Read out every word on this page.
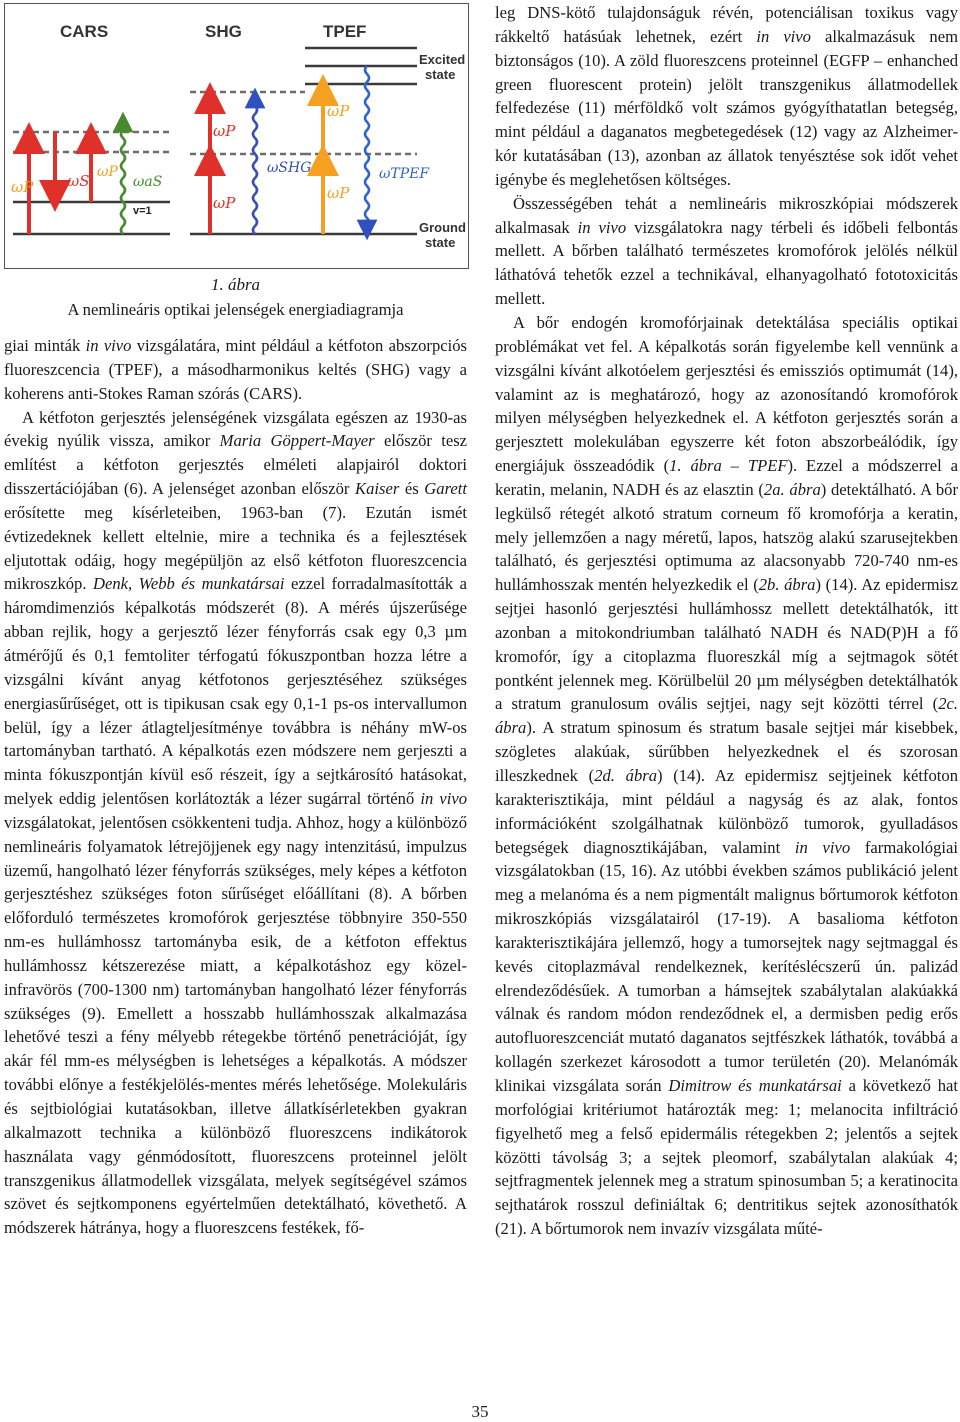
CARS	SHG	TPEF
ωP ωS ωP
ωaS
v=1
ωP
ωP
ωSHG
ωP
ωP
ωTPEF
Excited state
Ground state
1. ábra
A nemlineáris optikai jelenségek energiadiagramja

giai minták in vivo vizsgálatára, mint például a kétfoton abszorpciós fluoreszcencia (TPEF), a másodharmonikus keltés (SHG) vagy a koherens anti-Stokes Raman szórás (CARS).

A kétfoton gerjesztés jelenségének vizsgálata egészen az 1930-as évekig nyúlik vissza, amikor Maria Göppert-Mayer először tesz említést a kétfoton gerjesztés elméleti alapjairól doktori disszertációjában (6). A jelenséget azonban először Kaiser és Garett erősítette meg kísérleteiben, 1963-ban (7). Ezután ismét évtizedeknek kellett eltelnie, mire a technika és a fejlesztések eljutottak odáig, hogy megépüljön az első kétfoton fluoreszcencia mikroszkóp. Denk, Webb és munkatársai ezzel forradalmasították a háromdimenziós képalkotás módszerét (8). A mérés újszerűsége abban rejlik, hogy a gerjesztő lézer fényforrás csak egy 0,3 µm átmérőjű és 0,1 femtoliter térfogatú fókuszpontban hozza létre a vizsgálni kívánt anyag kétfotonos gerjesztéséhez szükséges energiasűrűséget, ott is tipikusan csak egy 0,1-1 ps-os intervallumon belül, így a lézer átlagteljesítménye továbbra is néhány mW-os tartományban tartható. A képalkotás ezen módszere nem gerjeszti a minta fókuszpontján kívül eső részeit, így a sejtkárosító hatásokat, melyek eddig jelentősen korlátozták a lézer sugárral történő in vivo vizsgálatokat, jelentősen csökkenteni tudja. Ahhoz, hogy a különböző nemlineáris folyamatok létrejöjjenek egy nagy intenzitású, impulzus üzemű, hangolható lézer fényforrás szükséges, mely képes a kétfoton gerjesztéshez szükséges foton sűrűséget előállítani (8). A bőrben előforduló természetes kromofórok gerjesztése többnyire 350-550 nm-es hullámhossz tartományba esik, de a kétfoton effektus hullámhossz kétszerezése miatt, a képalkotáshoz egy közel-infravörös (700-1300 nm) tartományban hangolható lézer fényforrás szükséges (9). Emellett a hosszabb hullámhosszak alkalmazása lehetővé teszi a fény mélyebb rétegekbe történő penetrációját, így akár fél mm-es mélységben is lehetséges a képalkotás. A módszer további előnye a festékjelölés-mentes mérés lehetősége. Molekuláris és sejtbiológiai kutatásokban, illetve állatkísérletekben gyakran alkalmazott technika a különböző fluoreszcens indikátorok használata vagy génmódosított, fluoreszcens proteinnel jelölt transzgenikus állatmodellek vizsgálata, melyek segítségével számos szövet és sejtkomponens egyértelműen detektálható, követhető. A módszerek hátránya, hogy a fluoreszcens festékek, fő-

leg DNS-kötő tulajdonságuk révén, potenciálisan toxikus vagy rákkeltő hatásúak lehetnek, ezért in vivo alkalmazásuk nem biztonságos (10). A zöld fluoreszcens proteinnel (EGFP – enhanched green fluorescent protein) jelölt transzgenikus állatmodellek felfedezése (11) mérföldkő volt számos gyógyíthatatlan betegség, mint például a daganatos megbetegedések (12) vagy az Alzheimer-kór kutatásában (13), azonban az állatok tenyésztése sok időt vehet igénybe és meglehetősen költséges.

Összességében tehát a nemlineáris mikroszkópiai módszerek alkalmasak in vivo vizsgálatokra nagy térbeli és időbeli felbontás mellett. A bőrben található természetes kromofórok jelölés nélkül láthatóvá tehetők ezzel a technikával, elhanyagolható fototoxicitás mellett.

A bőr endogén kromofórjainak detektálása speciális optikai problémákat vet fel. A képalkotás során figyelembe kell vennünk a vizsgálni kívánt alkotóelem gerjesztési és emissziós optimumát (14), valamint az is meghatározó, hogy az azonosítandó kromofórok milyen mélységben helyezkednek el. A kétfoton gerjesztés során a gerjesztett molekulában egyszerre két foton abszorbeálódik, így energiájuk összeadódik (1. ábra – TPEF). Ezzel a módszerrel a keratin, melanin, NADH és az elasztin (2a. ábra) detektálható. A bőr legkülső rétegét alkotó stratum corneum fő kromofórja a keratin, mely jellemzően a nagy méretű, lapos, hatszög alakú szarusejtekben található, és gerjesztési optimuma az alacsonyabb 720-740 nm-es hullámhosszak mentén helyezkedik el (2b. ábra) (14). Az epidermisz sejtjei hasonló gerjesztési hullámhossz mellett detektálhatók, itt azonban a mitokondriumban található NADH és NAD(P)H a fő kromofór, így a citoplazma fluoreszkál míg a sejtmagok sötét pontként jelennek meg. Körülbelül 20 µm mélységben detektálhatók a stratum granulosum ovális sejtjei, nagy sejt közötti térrel (2c. ábra). A stratum spinosum és stratum basale sejtjei már kisebbek, szögletes alakúak, sűrűbben helyezkednek el és szorosan illeszkednek (2d. ábra) (14). Az epidermisz sejtjeinek kétfoton karakterisztikája, mint például a nagyság és az alak, fontos információként szolgálhatnak különböző tumorok, gyulladásos betegségek diagnosztikájában, valamint in vivo farmakológiai vizsgálatokban (15, 16). Az utóbbi években számos publikáció jelent meg a melanóma és a nem pigmentált malignus bőrtumorok kétfoton mikroszkópiás vizsgálatairól (17-19). A basalioma kétfoton karakterisztikájára jellemző, hogy a tumorsejtek nagy sejtmaggal és kevés citoplazmával rendelkeznek, kerítéslécszerű ún. palizád elrendeződésűek. A tumorban a hámsejtek szabálytalan alakúakká válnak és random módon rendeződnek el, a dermisben pedig erős autofluoreszcenciát mutató daganatos sejtfészkek láthatók, továbbá a kollagén szerkezet károsodott a tumor területén (20). Melanómák klinikai vizsgálata során Dimitrow és munkatársai a következő hat morfológiai kritériumot határozták meg: 1; melanocita infiltráció figyelhető meg a felső epidermális rétegekben 2; jelentős a sejtek közötti távolság 3; a sejtek pleomorf, szabálytalan alakúak 4; sejtfragmentek jelennek meg a stratum spinosumban 5; a keratinocita sejthatárok rosszul definiáltak 6; dentritikus sejtek azonosíthatók (21). A bőrtumorok nem invazív vizsgálata műté-

35
